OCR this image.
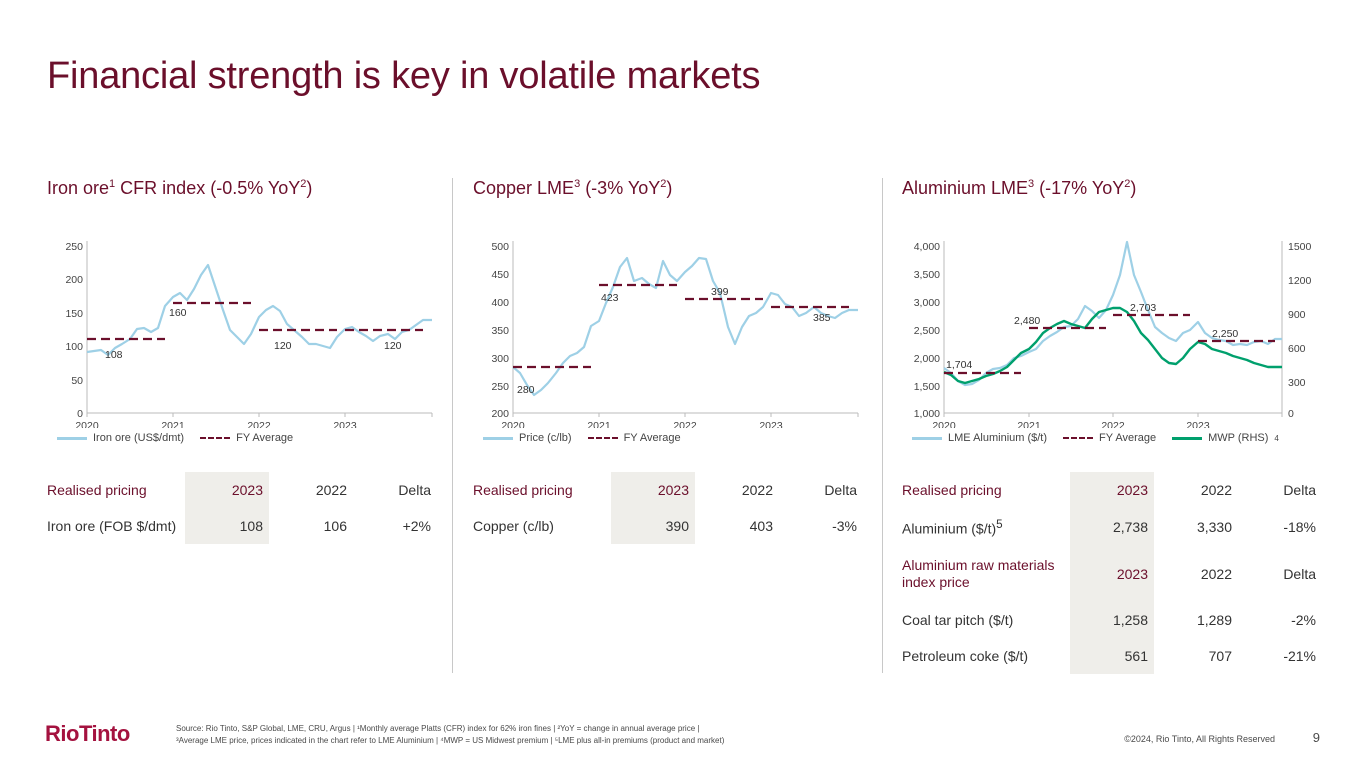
Financial strength is key in volatile markets
Iron ore$^1$ CFR index (-0.5% YoY$^2$)
250
200
150
100
50
0
2020	2021	2022	2023
108
160
120	120
Iron ore (US$/dmt)	FY Average
Realised pricing	2023	2022	Delta
Iron ore (FOB $/dmt)	108	106	+2%
Copper LME$^3$ (-3% YoY$^2$)
500
450
400
350
300
250
200
2020	2021	2022	2023
280
423	399
385
Price (c/lb)	FY Average
Realised pricing	2023	2022	Delta
Copper (c/lb)	390	403	-3%
Aluminium LME$^3$ (-17% YoY$^2$)
4,000
3,500
3,000
2,500
2,000
1,500
1,000
1500
1200
900
600
300
0
2020	2021	2022	2023
1,704
2,480
2,703
2,250
LME Aluminium ($/t)	FY Average	MWP (RHS) 4
Realised pricing	2023	2022	Delta
Aluminium ($/t)$^5$	2,738	3,330	-18%
Aluminium raw materials index price	2023	2022	Delta
Coal tar pitch ($/t)	1,258	1,289	-2%
Petroleum coke ($/t)	561	707	-21%
RioTinto	Source: Rio Tinto, S&P Global, LME, CRU, Argus | ¹Monthly average Platts (CFR) index for 62% iron fines | ²YoY = change in annual average price |
³Average LME price, prices indicated in the chart refer to LME Aluminium | ⁴MWP = US Midwest premium | ⁵LME plus all-in premiums (product and market)	©2024, Rio Tinto, All Rights Reserved	9
